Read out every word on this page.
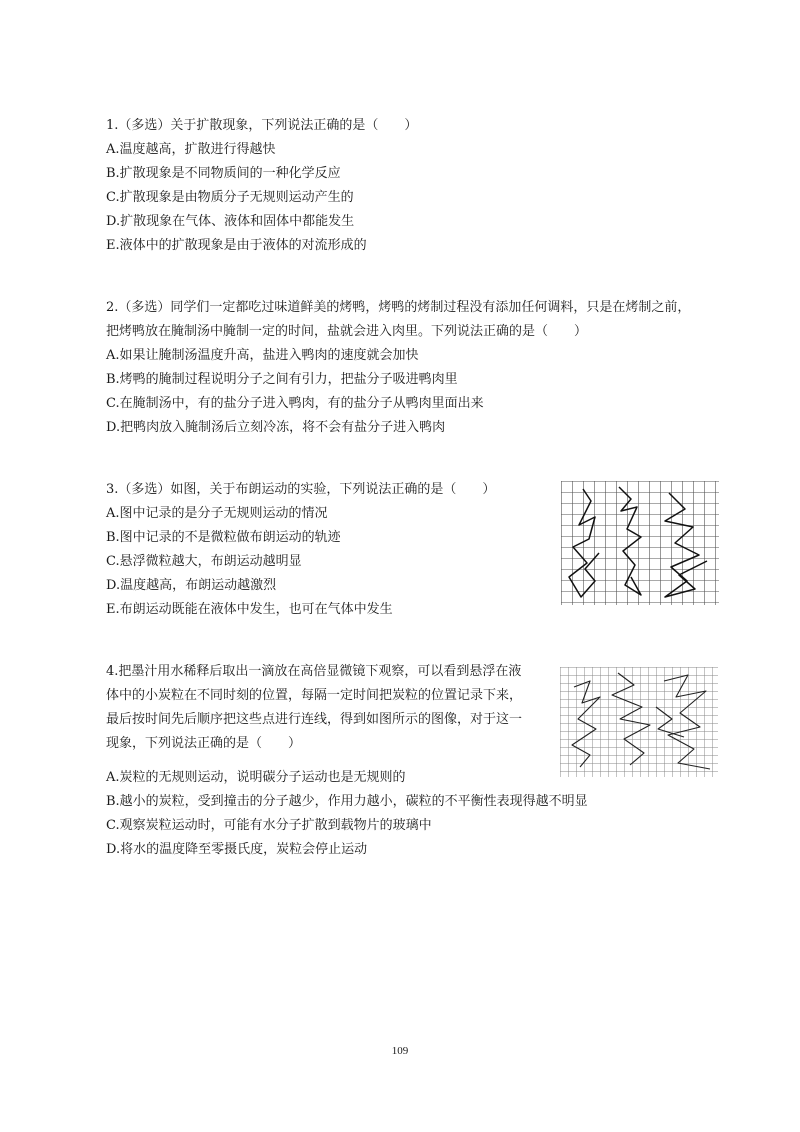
1.（多选）关于扩散现象，下列说法正确的是（　　）
A.温度越高，扩散进行得越快
B.扩散现象是不同物质间的一种化学反应
C.扩散现象是由物质分子无规则运动产生的
D.扩散现象在气体、液体和固体中都能发生
E.液体中的扩散现象是由于液体的对流形成的
2.（多选）同学们一定都吃过味道鲜美的烤鸭，烤鸭的烤制过程没有添加任何调料，只是在烤制之前，
把烤鸭放在腌制汤中腌制一定的时间，盐就会进入肉里。下列说法正确的是（　　）
A.如果让腌制汤温度升高，盐进入鸭肉的速度就会加快
B.烤鸭的腌制过程说明分子之间有引力，把盐分子吸进鸭肉里
C.在腌制汤中，有的盐分子进入鸭肉，有的盐分子从鸭肉里面出来
D.把鸭肉放入腌制汤后立刻冷冻，将不会有盐分子进入鸭肉
3.（多选）如图，关于布朗运动的实验，下列说法正确的是（　　）
A.图中记录的是分子无规则运动的情况
B.图中记录的不是微粒做布朗运动的轨迹
C.悬浮微粒越大，布朗运动越明显
D.温度越高，布朗运动越激烈
E.布朗运动既能在液体中发生，也可在气体中发生
4.把墨汁用水稀释后取出一滴放在高倍显微镜下观察，可以看到悬浮在液
体中的小炭粒在不同时刻的位置，每隔一定时间把炭粒的位置记录下来，
最后按时间先后顺序把这些点进行连线，得到如图所示的图像，对于这一
现象，下列说法正确的是（　　）
A.炭粒的无规则运动，说明碳分子运动也是无规则的
B.越小的炭粒，受到撞击的分子越少，作用力越小，碳粒的不平衡性表现得越不明显
C.观察炭粒运动时，可能有水分子扩散到载物片的玻璃中
D.将水的温度降至零摄氏度，炭粒会停止运动
109
